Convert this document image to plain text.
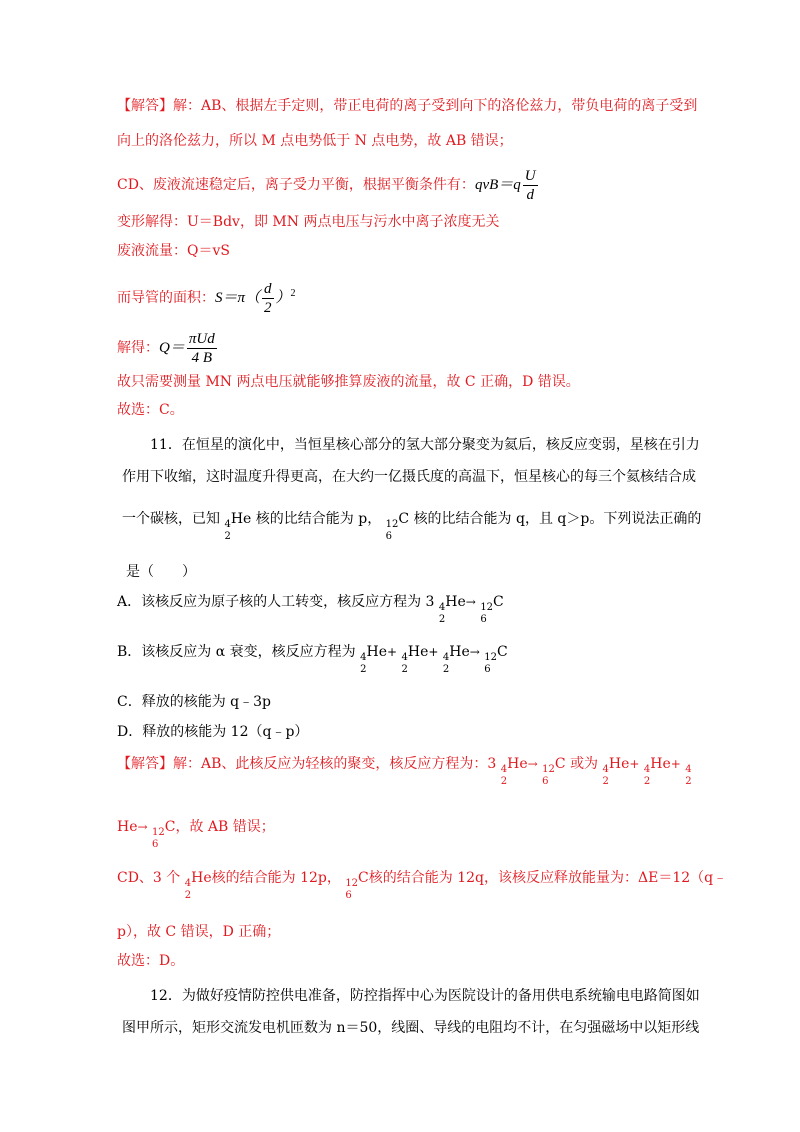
【解答】解：AB、根据左手定则，带正电荷的离子受到向下的洛伦兹力，带负电荷的离子受到
向上的洛伦兹力，所以 M 点电势低于 N 点电势，故 AB 错误；
CD、废液流速稳定后，离子受力平衡，根据平衡条件有：$qvB=q \frac{U}{d}$
变形解得：U＝Bdv，即 MN 两点电压与污水中离子浓度无关
废液流量：Q＝vS
而导管的面积：$S=\pi( \frac{d}{2} )^2$
解得：$Q= \frac{\text{πUd}}{4 B}$
故只需要测量 MN 两点电压就能够推算废液的流量，故 C 正确，D 错误。
故选：C。
11．在恒星的演化中，当恒星核心部分的氢大部分聚变为氦后，核反应变弱，星核在引力
作用下收缩，这时温度升得更高，在大约一亿摄氏度的高温下，恒星核心的每三个氦核结合成
一个碳核，已知 $_4$
2
He 核的比结合能为 p， $_{12}$
6
C 核的比结合能为 q，且 q＞p。下列说法正确的
是（　　）
A．该核反应为原子核的人工转变，核反应方程为 3 $_4$
2
He→ $_{12}$
6
C
B．该核反应为 α 衰变，核反应方程为 $_4$
2
He+ $_4$
2
He+ $_4$
2
He→ $_{12}$
6
C
C．释放的核能为 q﹣3p
D．释放的核能为 12（q﹣p）
【解答】解：AB、此核反应为轻核的聚变，核反应方程为：3 $_4$
2
He→ $_{12}$
6
C 或为 $_4$
2
He+ $_4$
2
He+ $_4$
2
He→ $_{12}$
6
C，故 AB 错误；
CD、3 个 $_4$
2
He核的结合能为 12p， $_{12}$
6
C核的结合能为 12q，该核反应释放能量为：ΔE＝12（q﹣
p），故 C 错误，D 正确；
故选：D。
12．为做好疫情防控供电准备，防控指挥中心为医院设计的备用供电系统输电电路简图如
图甲所示，矩形交流发电机匝数为 n＝50，线圈、导线的电阻均不计，在匀强磁场中以矩形线
